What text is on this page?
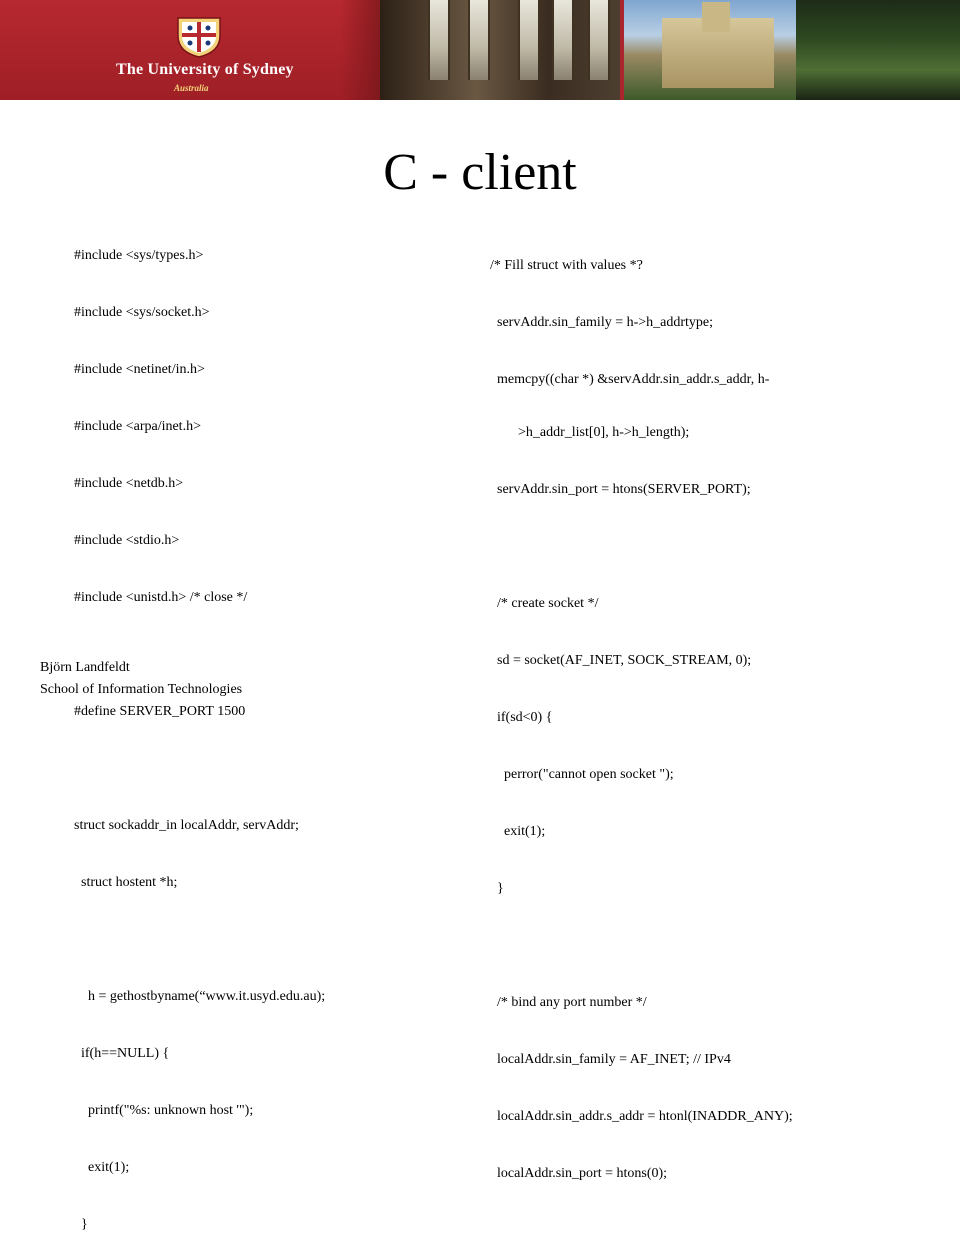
The University of Sydney
Australia
C - client

#include <sys/types.h>

#include <sys/socket.h>

#include <netinet/in.h>

#include <arpa/inet.h>

#include <netdb.h>

#include <stdio.h>

#include <unistd.h> /* close */

#define SERVER_PORT 1500

struct sockaddr_in localAddr, servAddr;

struct hostent *h;

h = gethostbyname(“www.it.usyd.edu.au);

if(h==NULL) {

printf("%s: unknown host '");

exit(1);

}

/* Fill struct with values *?

servAddr.sin_family = h->h_addrtype;

memcpy((char *) &servAddr.sin_addr.s_addr, h-

>h_addr_list[0], h->h_length);

servAddr.sin_port = htons(SERVER_PORT);

/* create socket */

sd = socket(AF_INET, SOCK_STREAM, 0);

if(sd<0) {

perror("cannot open socket ");

exit(1);

}

/* bind any port number */

localAddr.sin_family = AF_INET; // IPv4

localAddr.sin_addr.s_addr = htonl(INADDR_ANY);

localAddr.sin_port = htons(0);

Björn Landfeldt
School of Information Technologies
